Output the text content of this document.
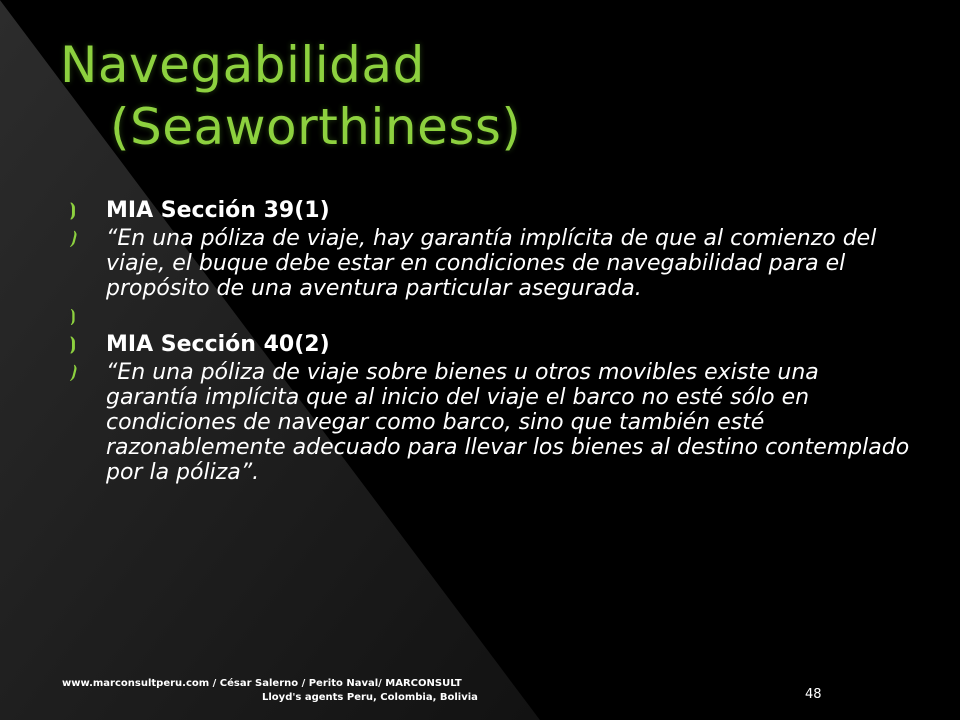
Navegabilidad
(Seaworthiness)
⦘	MIA Sección 39(1)
⦘	“En una póliza de viaje, hay garantía implícita de que al comienzo del viaje, el buque debe estar en condiciones de navegabilidad para el propósito de una aventura particular asegurada.
⦘
⦘	MIA Sección 40(2)
⦘	“En una póliza de viaje sobre bienes u otros movibles existe una garantía implícita que al inicio del viaje el barco no esté sólo en condiciones de navegar como barco, sino que también esté razonablemente adecuado para llevar los bienes al destino contemplado por la póliza”.
www.marconsultperu.com / César Salerno / Perito Naval/ MARCONSULT
Lloyd's agents Peru, Colombia, Bolivia	48
